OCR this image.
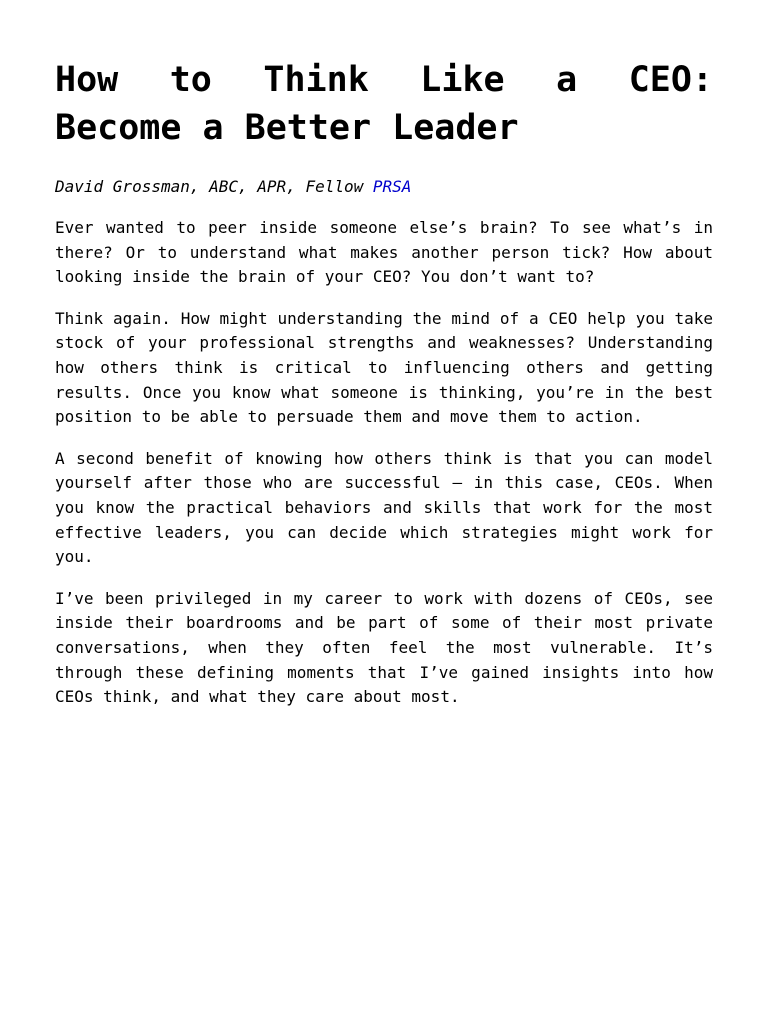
How to Think Like a CEO:
Become a Better Leader

David Grossman, ABC, APR, Fellow PRSA

Ever wanted to peer inside someone else’s brain? To see what’s in there? Or to understand what makes another person tick? How about looking inside the brain of your CEO? You don’t want to?

Think again. How might understanding the mind of a CEO help you take stock of your professional strengths and weaknesses? Understanding how others think is critical to influencing others and getting results. Once you know what someone is thinking, you’re in the best position to be able to persuade them and move them to action.

A second benefit of knowing how others think is that you can model yourself after those who are successful – in this case, CEOs. When you know the practical behaviors and skills that work for the most effective leaders, you can decide which strategies might work for you.

I’ve been privileged in my career to work with dozens of CEOs, see inside their boardrooms and be part of some of their most private conversations, when they often feel the most vulnerable. It’s through these defining moments that I’ve gained insights into how CEOs think, and what they care about most.
